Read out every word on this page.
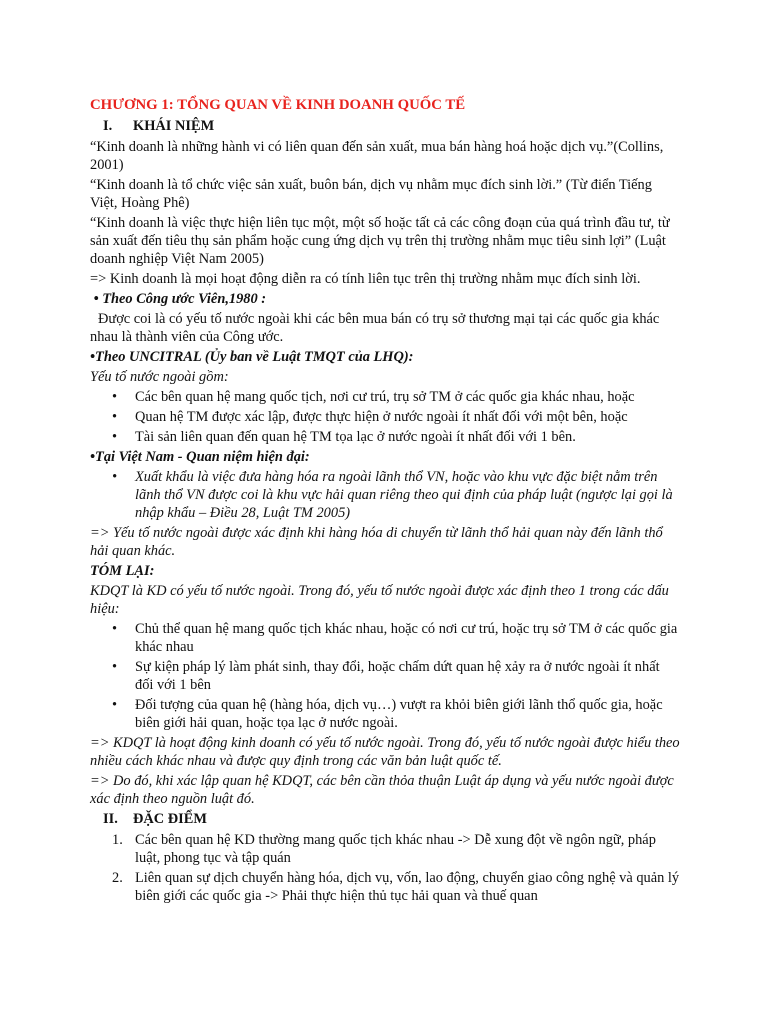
CHƯƠNG 1: TỔNG QUAN VỀ KINH DOANH QUỐC TẾ
I. KHÁI NIỆM

“Kinh doanh là những hành vi có liên quan đến sản xuất, mua bán hàng hoá hoặc dịch vụ.”(Collins, 2001)

“Kinh doanh là tổ chức việc sản xuất, buôn bán, dịch vụ nhằm mục đích sinh lời.” (Từ điển Tiếng Việt, Hoàng Phê)

“Kinh doanh là việc thực hiện liên tục một, một số hoặc tất cả các công đoạn của quá trình đầu tư, từ sản xuất đến tiêu thụ sản phẩm hoặc cung ứng dịch vụ trên thị trường nhằm mục tiêu sinh lợi” (Luật doanh nghiệp Việt Nam 2005)

=> Kinh doanh là mọi hoạt động diễn ra có tính liên tục trên thị trường nhằm mục đích sinh lời.

• Theo Công ước Viên,1980 :

Được coi là có yếu tố nước ngoài khi các bên mua bán có trụ sở thương mại tại các quốc gia khác nhau là thành viên của Công ước.

•Theo UNCITRAL (Ủy ban về Luật TMQT của LHQ):

Yếu tố nước ngoài gồm:

• Các bên quan hệ mang quốc tịch, nơi cư trú, trụ sở TM ở các quốc gia khác nhau, hoặc
• Quan hệ TM được xác lập, được thực hiện ở nước ngoài ít nhất đối với một bên, hoặc
• Tài sản liên quan đến quan hệ TM tọa lạc ở nước ngoài ít nhất đối với 1 bên.

•Tại Việt Nam - Quan niệm hiện đại:

• Xuất khẩu là việc đưa hàng hóa ra ngoài lãnh thổ VN, hoặc vào khu vực đặc biệt nằm trên lãnh thổ VN được coi là khu vực hải quan riêng theo qui định của pháp luật (ngược lại gọi là nhập khẩu – Điều 28, Luật TM 2005)

=> Yếu tố nước ngoài được xác định khi hàng hóa di chuyển từ lãnh thổ hải quan này đến lãnh thổ hải quan khác.

TÓM LẠI:

KDQT là KD có yếu tố nước ngoài. Trong đó, yếu tố nước ngoài được xác định theo 1 trong các dấu hiệu:

• Chủ thể quan hệ mang quốc tịch khác nhau, hoặc có nơi cư trú, hoặc trụ sở TM ở các quốc gia khác nhau
• Sự kiện pháp lý làm phát sinh, thay đổi, hoặc chấm dứt quan hệ xảy ra ở nước ngoài ít nhất đối với 1 bên
• Đối tượng của quan hệ (hàng hóa, dịch vụ…) vượt ra khỏi biên giới lãnh thổ quốc gia, hoặc biên giới hải quan, hoặc tọa lạc ở nước ngoài.

=> KDQT là hoạt động kinh doanh có yếu tố nước ngoài. Trong đó, yếu tố nước ngoài được hiểu theo nhiều cách khác nhau và được quy định trong các văn bản luật quốc tế.

=> Do đó, khi xác lập quan hệ KDQT, các bên cần thỏa thuận Luật áp dụng và yếu nước ngoài được xác định theo nguồn luật đó.

II. ĐẶC ĐIỂM
1. Các bên quan hệ KD thường mang quốc tịch khác nhau -> Dễ xung đột về ngôn ngữ, pháp luật, phong tục và tập quán
2. Liên quan sự dịch chuyển hàng hóa, dịch vụ, vốn, lao động, chuyển giao công nghệ và quản lý biên giới các quốc gia -> Phải thực hiện thủ tục hải quan và thuế quan
